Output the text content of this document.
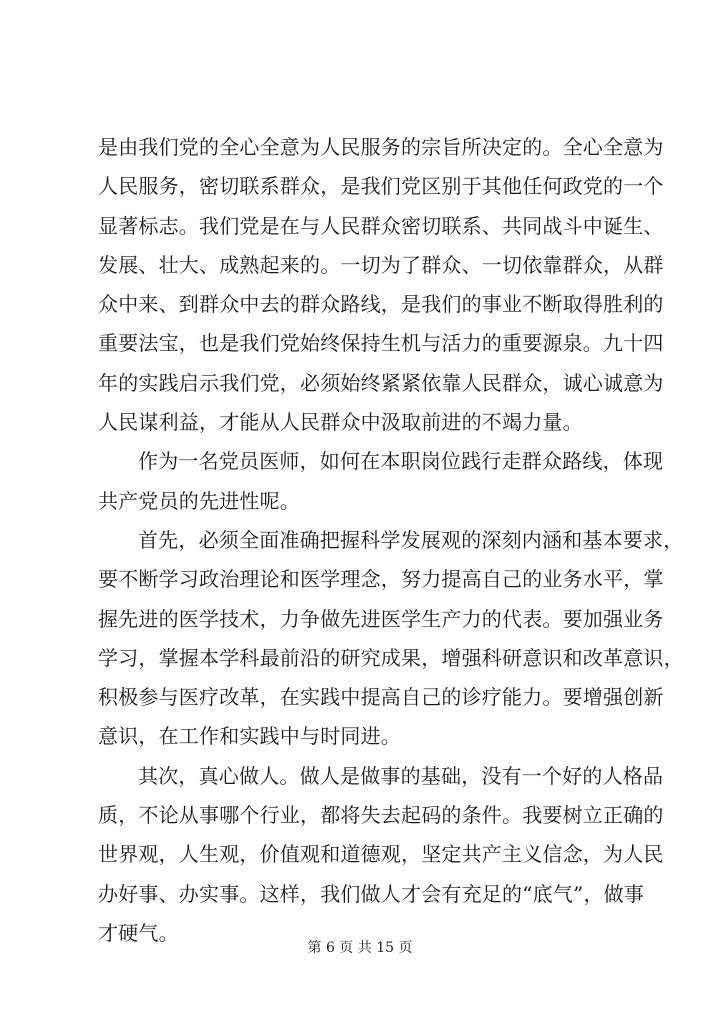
是由我们党的全心全意为人民服务的宗旨所决定的。全心全意为
人民服务，密切联系群众，是我们党区别于其他任何政党的一个
显著标志。我们党是在与人民群众密切联系、共同战斗中诞生、
发展、壮大、成熟起来的。一切为了群众、一切依靠群众，从群
众中来、到群众中去的群众路线，是我们的事业不断取得胜利的
重要法宝，也是我们党始终保持生机与活力的重要源泉。九十四
年的实践启示我们党，必须始终紧紧依靠人民群众，诚心诚意为
人民谋利益，才能从人民群众中汲取前进的不竭力量。
作为一名党员医师，如何在本职岗位践行走群众路线，体现
共产党员的先进性呢。
首先，必须全面准确把握科学发展观的深刻内涵和基本要求，
要不断学习政治理论和医学理念，努力提高自己的业务水平，掌
握先进的医学技术，力争做先进医学生产力的代表。要加强业务
学习，掌握本学科最前沿的研究成果，增强科研意识和改革意识，
积极参与医疗改革，在实践中提高自己的诊疗能力。要增强创新
意识，在工作和实践中与时同进。
其次，真心做人。做人是做事的基础，没有一个好的人格品
质，不论从事哪个行业，都将失去起码的条件。我要树立正确的
世界观，人生观，价值观和道德观，坚定共产主义信念，为人民
办好事、办实事。这样，我们做人才会有充足的“底气”，做事
才硬气。
第 6 页 共 15 页
